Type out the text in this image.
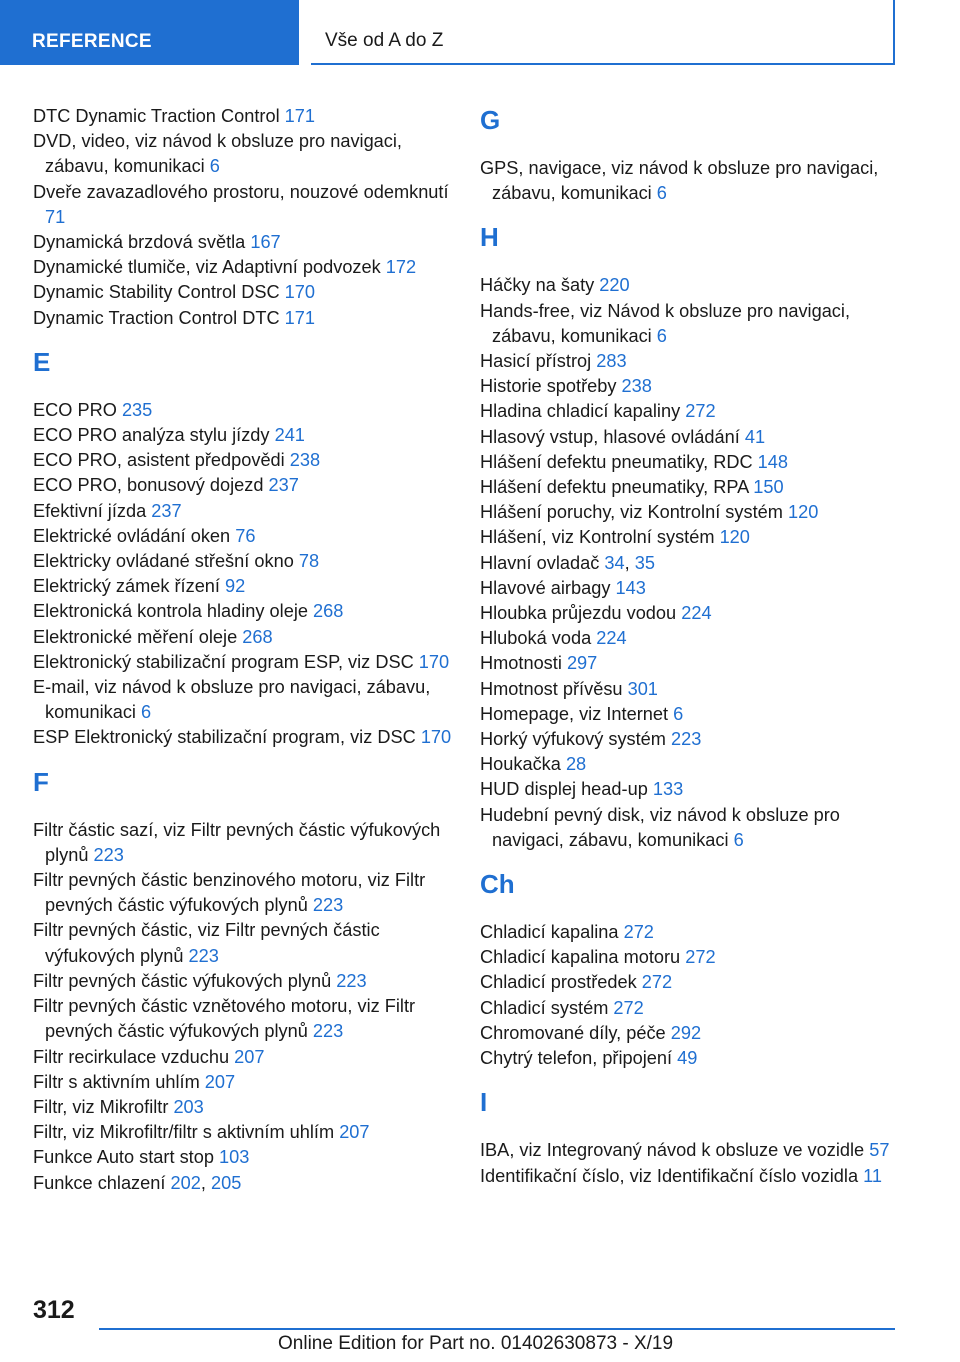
REFERENCE	Vše od A do Z
DTC Dynamic Traction Control 171
DVD, video, viz návod k obsluze pro navigaci, zábavu, komunikaci 6
Dveře zavazadlového prostoru, nouzové odemknutí 71
Dynamická brzdová světla 167
Dynamické tlumiče, viz Adaptivní podvozek 172
Dynamic Stability Control DSC 170
Dynamic Traction Control DTC 171
E
ECO PRO 235
ECO PRO analýza stylu jízdy 241
ECO PRO, asistent předpovědi 238
ECO PRO, bonusový dojezd 237
Efektivní jízda 237
Elektrické ovládání oken 76
Elektricky ovládané střešní okno 78
Elektrický zámek řízení 92
Elektronická kontrola hladiny oleje 268
Elektronické měření oleje 268
Elektronický stabilizační program ESP, viz DSC 170
E-mail, viz návod k obsluze pro navigaci, zábavu, komunikaci 6
ESP Elektronický stabilizační program, viz DSC 170
F
Filtr částic sazí, viz Filtr pevných částic výfukových plynů 223
Filtr pevných částic benzinového motoru, viz Filtr pevných částic výfukových plynů 223
Filtr pevných částic, viz Filtr pevných částic výfukových plynů 223
Filtr pevných částic výfukových plynů 223
Filtr pevných částic vznětového motoru, viz Filtr pevných částic výfukových plynů 223
Filtr recirkulace vzduchu 207
Filtr s aktivním uhlím 207
Filtr, viz Mikrofiltr 203
Filtr, viz Mikrofiltr/filtr s aktivním uhlím 207
Funkce Auto start stop 103
Funkce chlazení 202, 205
G
GPS, navigace, viz návod k obsluze pro navigaci, zábavu, komunikaci 6
H
Háčky na šaty 220
Hands-free, viz Návod k obsluze pro navigaci, zábavu, komunikaci 6
Hasicí přístroj 283
Historie spotřeby 238
Hladina chladicí kapaliny 272
Hlasový vstup, hlasové ovládání 41
Hlášení defektu pneumatiky, RDC 148
Hlášení defektu pneumatiky, RPA 150
Hlášení poruchy, viz Kontrolní systém 120
Hlášení, viz Kontrolní systém 120
Hlavní ovladač 34, 35
Hlavové airbagy 143
Hloubka průjezdu vodou 224
Hluboká voda 224
Hmotnosti 297
Hmotnost přívěsu 301
Homepage, viz Internet 6
Horký výfukový systém 223
Houkačka 28
HUD displej head-up 133
Hudební pevný disk, viz návod k obsluze pro navigaci, zábavu, komunikaci 6
Ch
Chladicí kapalina 272
Chladicí kapalina motoru 272
Chladicí prostředek 272
Chladicí systém 272
Chromované díly, péče 292
Chytrý telefon, připojení 49
I
IBA, viz Integrovaný návod k obsluze ve vozidle 57
Identifikační číslo, viz Identifikační číslo vozidla 11
312
Online Edition for Part no. 01402630873 - X/19
